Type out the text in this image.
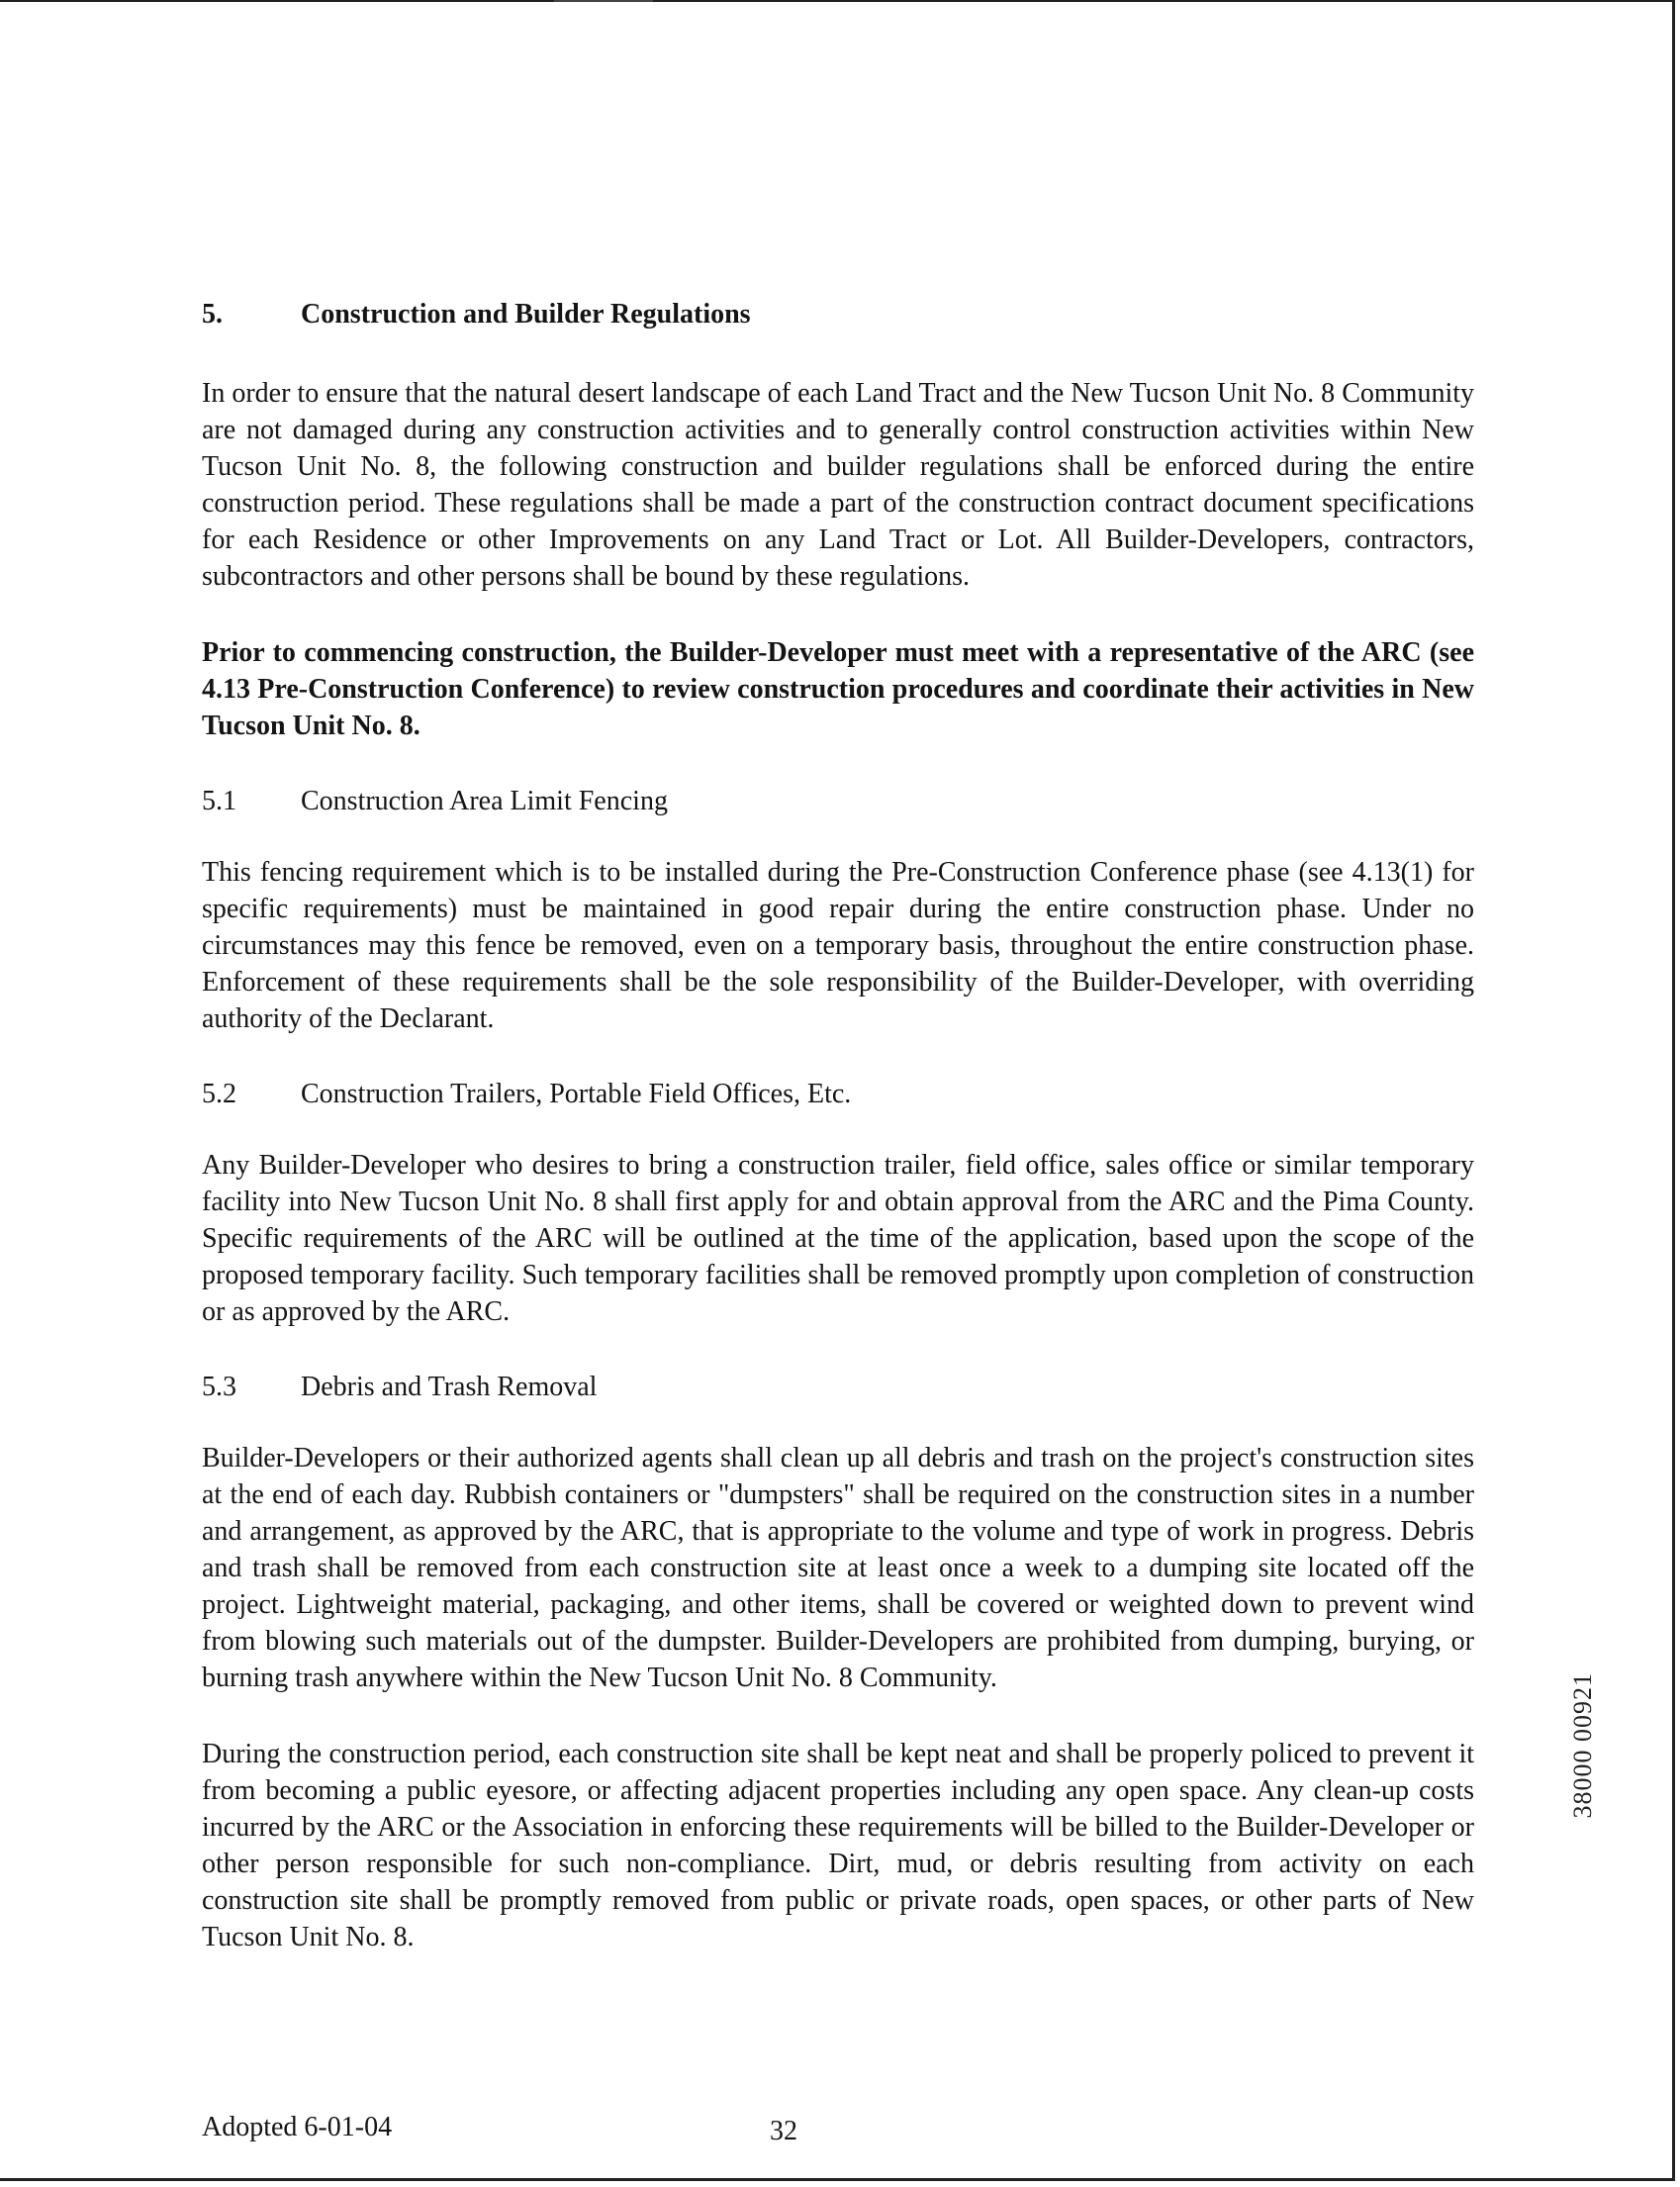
5.	Construction and Builder Regulations

In order to ensure that the natural desert landscape of each Land Tract and the New Tucson Unit No. 8 Community are not damaged during any construction activities and to generally control construction activities within New Tucson Unit No. 8, the following construction and builder regulations shall be enforced during the entire construction period. These regulations shall be made a part of the construction contract document specifications for each Residence or other Improvements on any Land Tract or Lot. All Builder-Developers, contractors, subcontractors and other persons shall be bound by these regulations.

Prior to commencing construction, the Builder-Developer must meet with a representative of the ARC (see 4.13 Pre-Construction Conference) to review construction procedures and coordinate their activities in New Tucson Unit No. 8.

5.1 Construction Area Limit Fencing

This fencing requirement which is to be installed during the Pre-Construction Conference phase (see 4.13(1) for specific requirements) must be maintained in good repair during the entire construction phase. Under no circumstances may this fence be removed, even on a temporary basis, throughout the entire construction phase. Enforcement of these requirements shall be the sole responsibility of the Builder-Developer, with overriding authority of the Declarant.

5.2 Construction Trailers, Portable Field Offices, Etc.

Any Builder-Developer who desires to bring a construction trailer, field office, sales office or similar temporary facility into New Tucson Unit No. 8 shall first apply for and obtain approval from the ARC and the Pima County. Specific requirements of the ARC will be outlined at the time of the application, based upon the scope of the proposed temporary facility. Such temporary facilities shall be removed promptly upon completion of construction or as approved by the ARC.

5.3 Debris and Trash Removal

Builder-Developers or their authorized agents shall clean up all debris and trash on the project's construction sites at the end of each day. Rubbish containers or "dumpsters" shall be required on the construction sites in a number and arrangement, as approved by the ARC, that is appropriate to the volume and type of work in progress. Debris and trash shall be removed from each construction site at least once a week to a dumping site located off the project. Lightweight material, packaging, and other items, shall be covered or weighted down to prevent wind from blowing such materials out of the dumpster. Builder-Developers are prohibited from dumping, burying, or burning trash anywhere within the New Tucson Unit No. 8 Community.

During the construction period, each construction site shall be kept neat and shall be properly policed to prevent it from becoming a public eyesore, or affecting adjacent properties including any open space. Any clean-up costs incurred by the ARC or the Association in enforcing these requirements will be billed to the Builder-Developer or other person responsible for such non-compliance. Dirt, mud, or debris resulting from activity on each construction site shall be promptly removed from public or private roads, open spaces, or other parts of New Tucson Unit No. 8.

38000 00921
Adopted 6-01-04	32
